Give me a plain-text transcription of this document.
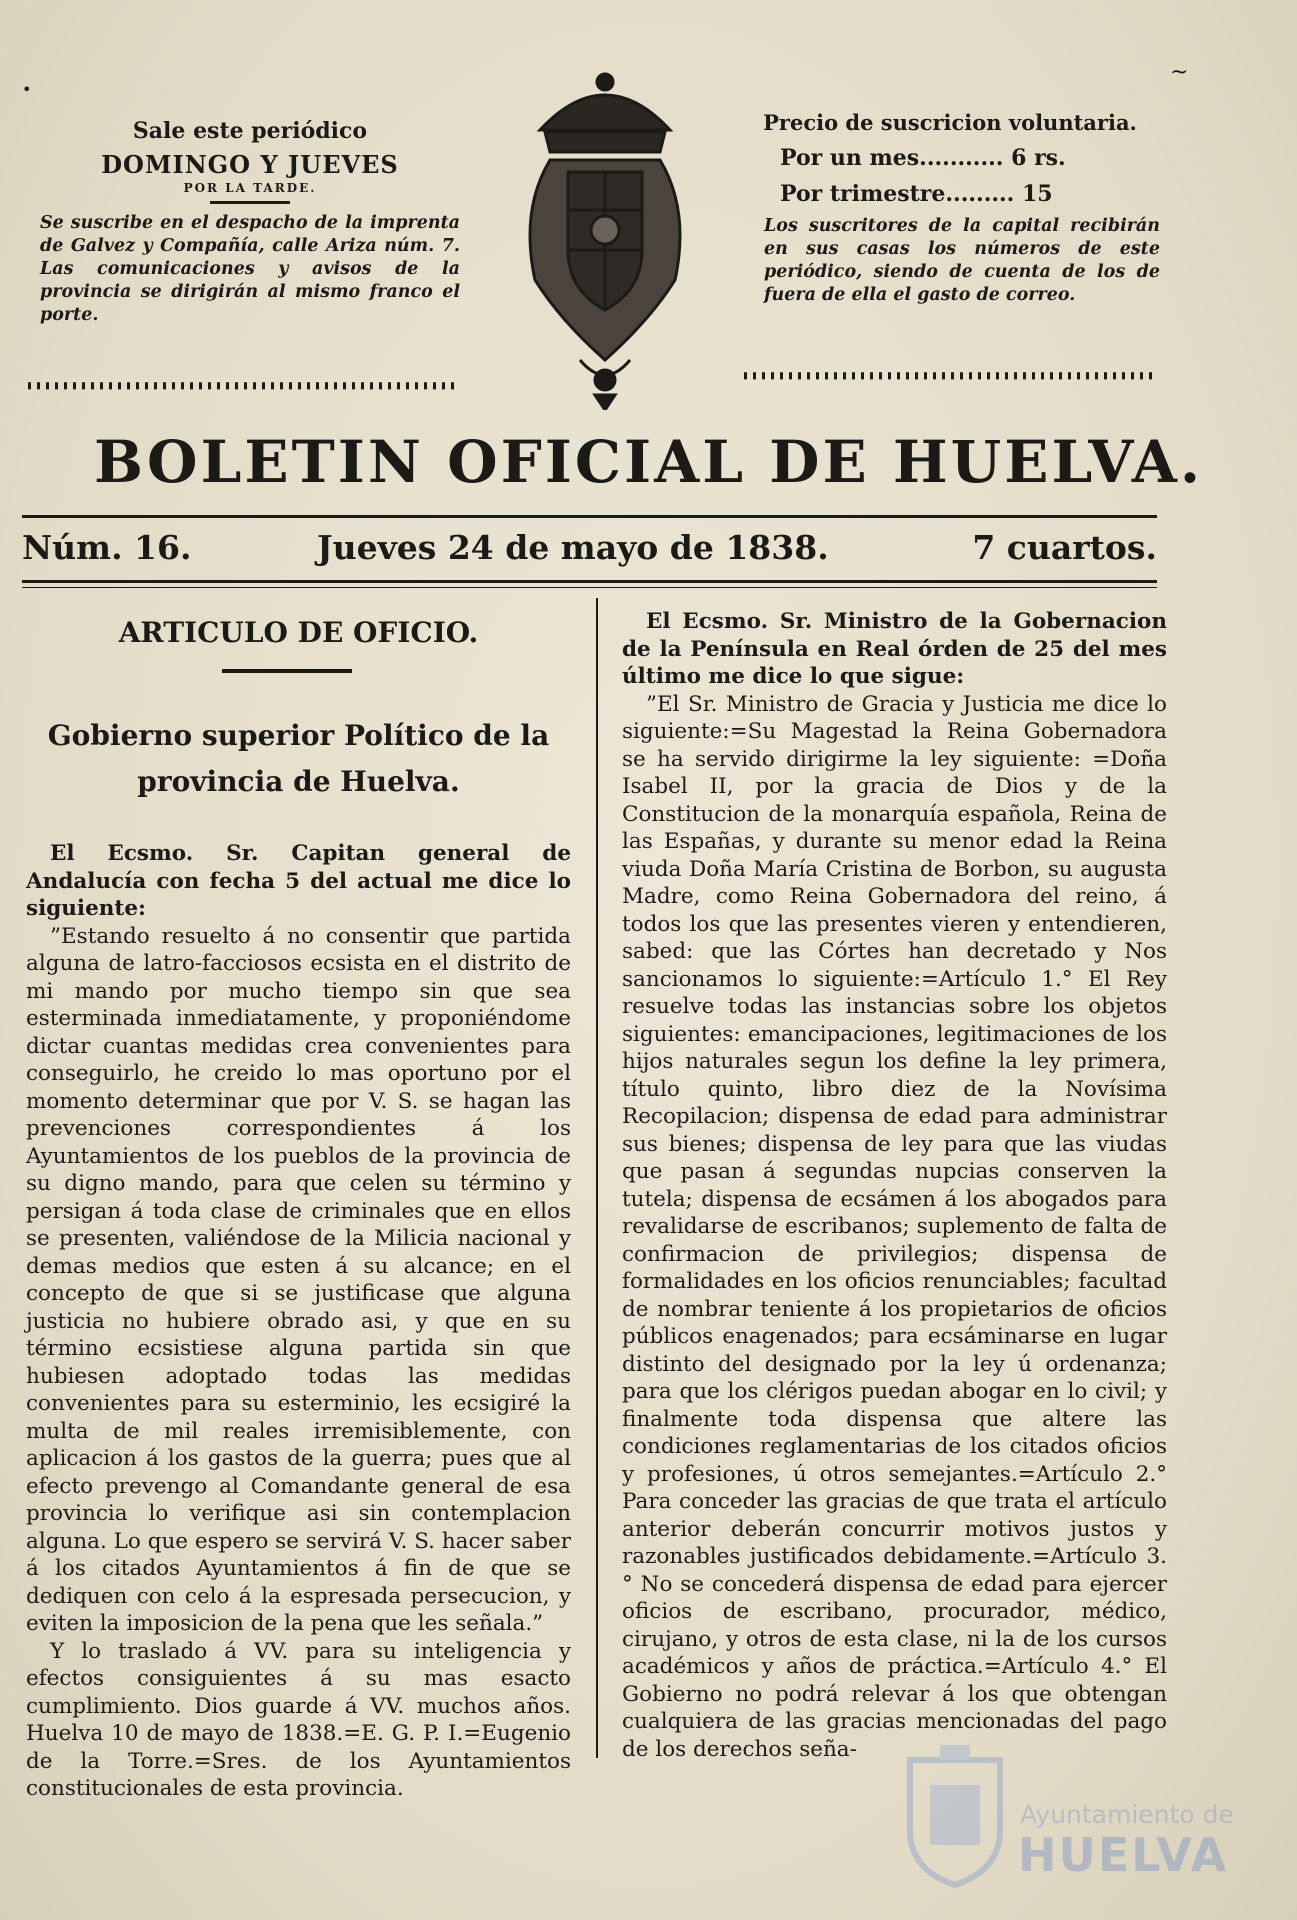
•
~
Sale este periódico
DOMINGO Y JUEVES
POR LA TARDE.
Se suscribe en el despacho de la imprenta de Galvez y Compañía, calle Ariza núm. 7. Las comunicaciones y avisos de la provincia se dirigirán al mismo franco el porte.
Precio de suscricion voluntaria.
Por un mes........... 6 rs.
Por trimestre......... 15
Los suscritores de la capital recibirán en sus casas los números de este periódico, siendo de cuenta de los de fuera de ella el gasto de correo.
BOLETIN OFICIAL DE HUELVA.
Núm. 16.	Jueves 24 de mayo de 1838.	7 cuartos.
ARTICULO DE OFICIO.
Gobierno superior Político de la provincia de Huelva.

El Ecsmo. Sr. Capitan general de Andalucía con fecha 5 del actual me dice lo siguiente:

”Estando resuelto á no consentir que partida alguna de latro-facciosos ecsista en el distrito de mi mando por mucho tiempo sin que sea esterminada inmediatamente, y proponiéndome dictar cuantas medidas crea convenientes para conseguirlo, he creido lo mas oportuno por el momento determinar que por V. S. se hagan las prevenciones correspondientes á los Ayuntamientos de los pueblos de la provincia de su digno mando, para que celen su término y persigan á toda clase de criminales que en ellos se presenten, valiéndose de la Milicia nacional y demas medios que esten á su alcance; en el concepto de que si se justificase que alguna justicia no hubiere obrado asi, y que en su término ecsistiese alguna partida sin que hubiesen adoptado todas las medidas convenientes para su esterminio, les ecsigiré la multa de mil reales irremisiblemente, con aplicacion á los gastos de la guerra; pues que al efecto prevengo al Comandante general de esa provincia lo verifique asi sin contemplacion alguna. Lo que espero se servirá V. S. hacer saber á los citados Ayuntamientos á fin de que se dediquen con celo á la espresada persecucion, y eviten la imposicion de la pena que les señala.”

Y lo traslado á VV. para su inteligencia y efectos consiguientes á su mas esacto cumplimiento. Dios guarde á VV. muchos años. Huelva 10 de mayo de 1838.=E. G. P. I.=Eugenio de la Torre.=Sres. de los Ayuntamientos constitucionales de esta provincia.

El Ecsmo. Sr. Ministro de la Gobernacion de la Península en Real órden de 25 del mes último me dice lo que sigue:

”El Sr. Ministro de Gracia y Justicia me dice lo siguiente:=Su Magestad la Reina Gobernadora se ha servido dirigirme la ley siguiente: =Doña Isabel II, por la gracia de Dios y de la Constitucion de la monarquía española, Reina de las Españas, y durante su menor edad la Reina viuda Doña María Cristina de Borbon, su augusta Madre, como Reina Gobernadora del reino, á todos los que las presentes vieren y entendieren, sabed: que las Córtes han decretado y Nos sancionamos lo siguiente:=Artículo 1.° El Rey resuelve todas las instancias sobre los objetos siguientes: emancipaciones, legitimaciones de los hijos naturales segun los define la ley primera, título quinto, libro diez de la Novísima Recopilacion; dispensa de edad para administrar sus bienes; dispensa de ley para que las viudas que pasan á segundas nupcias conserven la tutela; dispensa de ecsámen á los abogados para revalidarse de escribanos; suplemento de falta de confirmacion de privilegios; dispensa de formalidades en los oficios renunciables; facultad de nombrar teniente á los propietarios de oficios públicos enagenados; para ecsáminarse en lugar distinto del designado por la ley ú ordenanza; para que los clérigos puedan abogar en lo civil; y finalmente toda dispensa que altere las condiciones reglamentarias de los citados oficios y profesiones, ú otros semejantes.=Artículo 2.° Para conceder las gracias de que trata el artículo anterior deberán concurrir motivos justos y razonables justificados debidamente.=Artículo 3.° No se concederá dispensa de edad para ejercer oficios de escribano, procurador, médico, cirujano, y otros de esta clase, ni la de los cursos académicos y años de práctica.=Artículo 4.° El Gobierno no podrá relevar á los que obtengan cualquiera de las gracias mencionadas del pago de los derechos seña-

Ayuntamiento de
HUELVA
